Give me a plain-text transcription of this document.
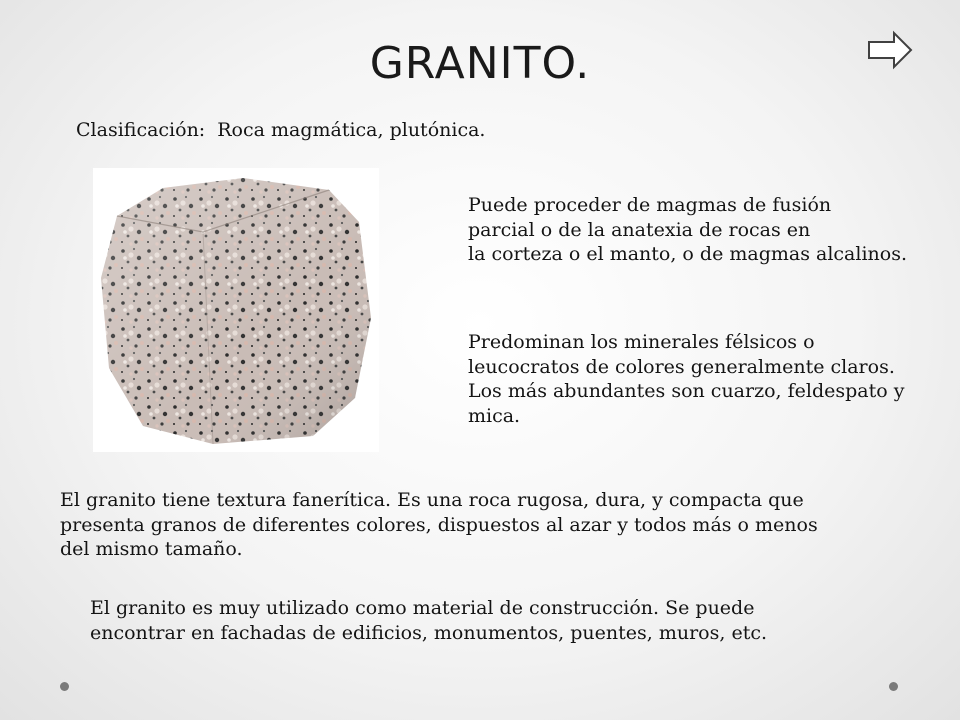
GRANITO.
Clasificación: Roca magmática, plutónica.
Puede proceder de magmas de fusión
parcial o de la anatexia de rocas en
la corteza o el manto, o de magmas alcalinos.
Predominan los minerales félsicos o
leucocratos de colores generalmente claros.
Los más abundantes son cuarzo, feldespato y
mica.
El granito tiene textura fanerítica. Es una roca rugosa, dura, y compacta que
presenta granos de diferentes colores, dispuestos al azar y todos más o menos
del mismo tamaño.
El granito es muy utilizado como material de construcción. Se puede
encontrar en fachadas de edificios, monumentos, puentes, muros, etc.
